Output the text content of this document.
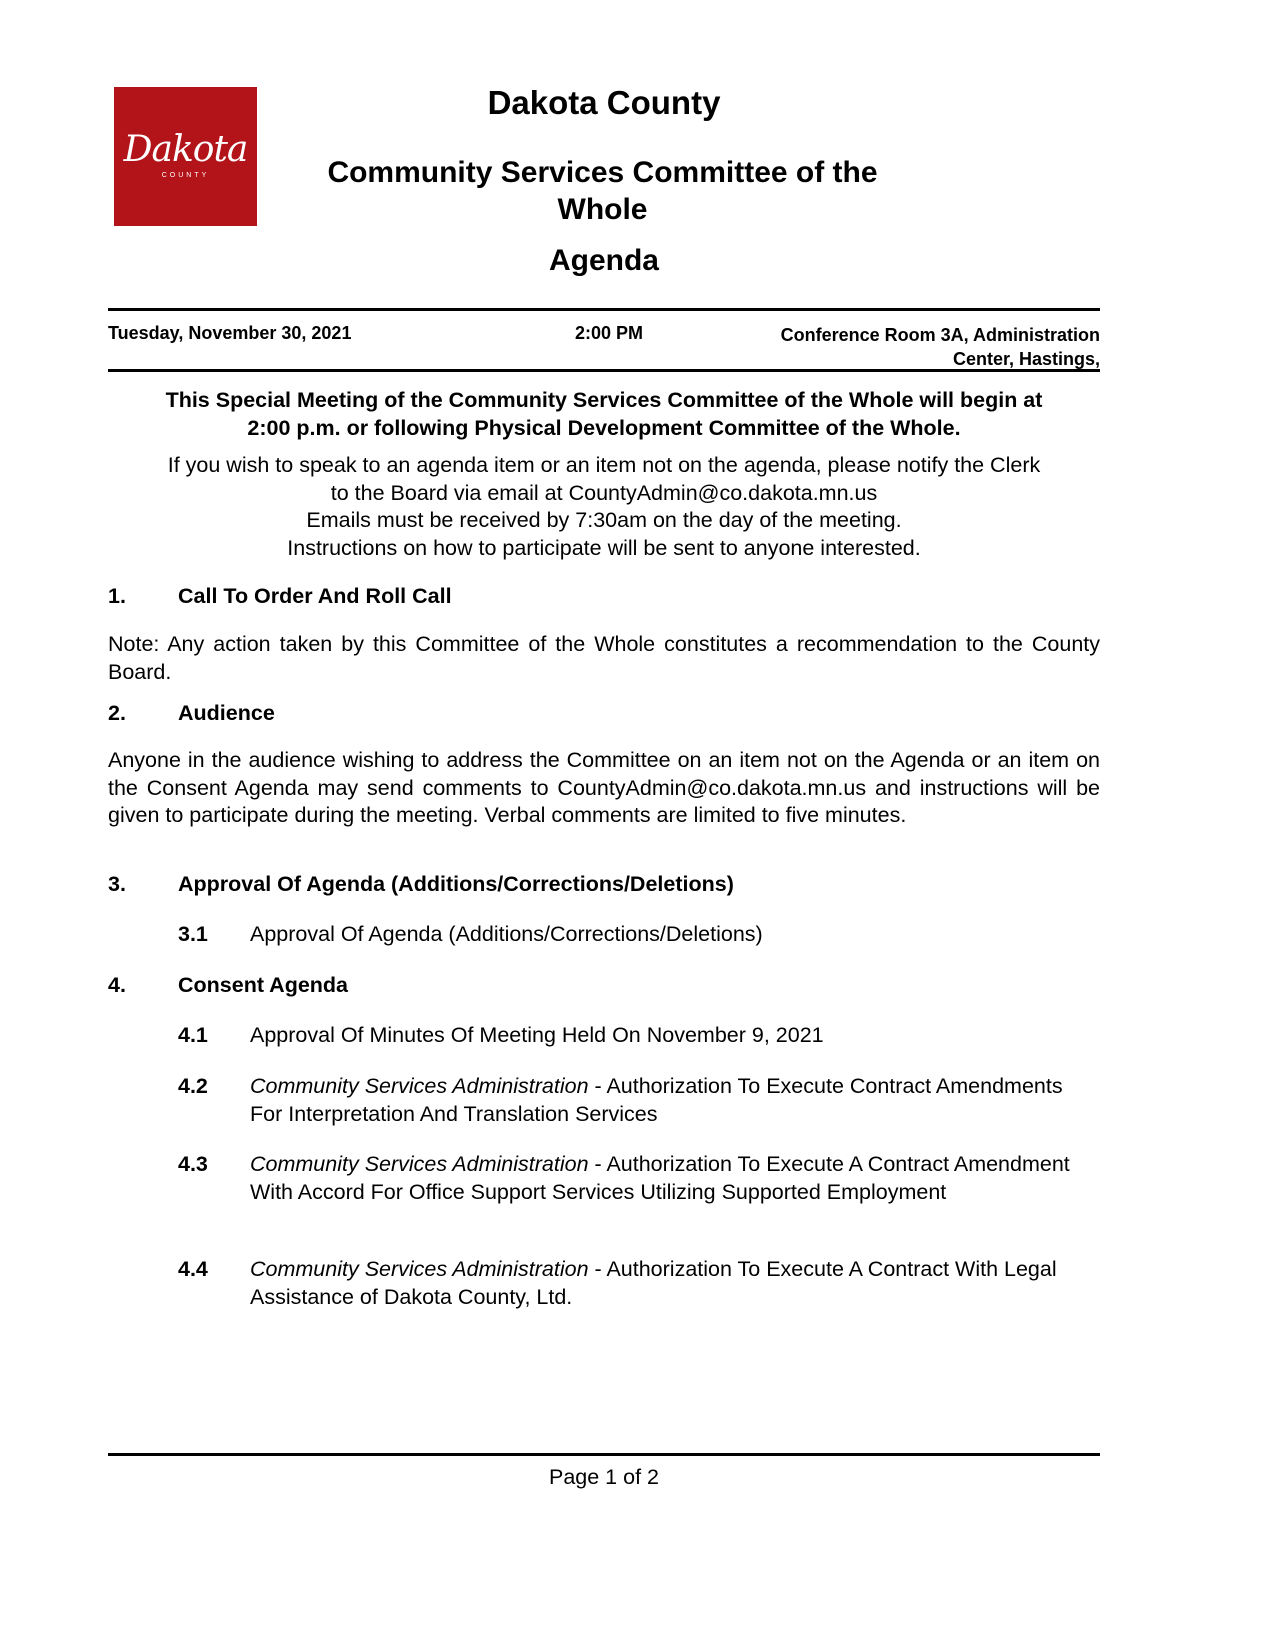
Dakota
COUNTY
Dakota County
Community Services Committee of the
Whole
Agenda
Tuesday, November 30, 2021	2:00 PM	Conference Room 3A, Administration
Center, Hastings,
This Special Meeting of the Community Services Committee of the Whole will begin at
2:00 p.m. or following Physical Development Committee of the Whole.
If you wish to speak to an agenda item or an item not on the agenda, please notify the Clerk
to the Board via email at CountyAdmin@co.dakota.mn.us
Emails must be received by 7:30am on the day of the meeting.
Instructions on how to participate will be sent to anyone interested.
1. Call To Order And Roll Call
Note: Any action taken by this Committee of the Whole constitutes a recommendation to the County Board.
2. Audience
Anyone in the audience wishing to address the Committee on an item not on the Agenda or an item on the Consent Agenda may send comments to CountyAdmin@co.dakota.mn.us and instructions will be given to participate during the meeting. Verbal comments are limited to five minutes.
3. Approval Of Agenda (Additions/Corrections/Deletions)
3.1 Approval Of Agenda (Additions/Corrections/Deletions)
4. Consent Agenda
4.1 Approval Of Minutes Of Meeting Held On November 9, 2021
4.2 Community Services Administration - Authorization To Execute Contract Amendments For Interpretation And Translation Services
4.3 Community Services Administration - Authorization To Execute A Contract Amendment With Accord For Office Support Services Utilizing Supported Employment
4.4 Community Services Administration - Authorization To Execute A Contract With Legal Assistance of Dakota County, Ltd.
Page 1 of 2
